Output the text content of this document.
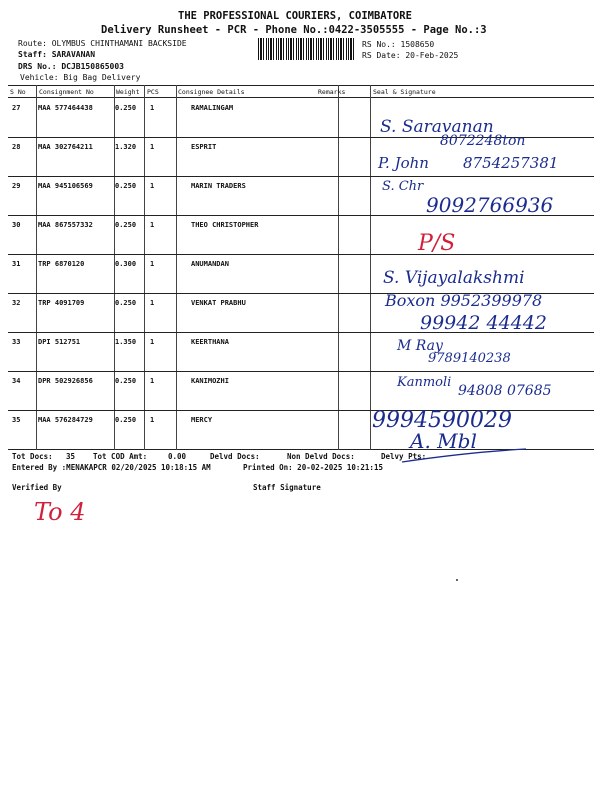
THE PROFESSIONAL COURIERS, COIMBATORE
Delivery Runsheet - PCR - Phone No.:0422-3505555 - Page No.:3
Route: OLYMBUS CHINTHAMANI BACKSIDE
Staff: SARAVANAN
DRS No.: DCJB150865003
Vehicle: Big Bag Delivery
RS No.: 1508650
RS Date: 20-Feb-2025
S No Consignment No	Weight PCS	Consignee Details	Remarks	Seal & Signature
27	MAA 577464438	0.250 1	RAMALINGAM
28	MAA 302764211	1.320 1	ESPRIT
29	MAA 945106569	0.250 1	MARIN TRADERS
30	MAA 867557332	0.250 1	THEO CHRISTOPHER
31	TRP 6870120	0.300 1	ANUMANDAN
32	TRP 4091709	0.250 1	VENKAT PRABHU
33	DPI 512751	1.350 1	KEERTHANA
34	DPR 502926856	0.250 1	KANIMOZHI
35	MAA 576284729	0.250 1	MERCY
Tot Docs: 35 Tot COD Amt:	0.00	Delvd Docs:	Non Delvd Docs:	Delvy Pts:
Entered By :MENAKAPCR 02/20/2025 10:18:15 AM	Printed On: 20-02-2025 10:21:15
Verified By	Staff Signature
S. Saravanan
8072248ton
P. John 8754257381
S. Chr
9092766936
P/S
S. Vijayalakshmi
Boxon 9952399978
99942 44442
M Ray
9789140238
Kanmoli
94808 07685
9994590029
A. Mbl
To 4
